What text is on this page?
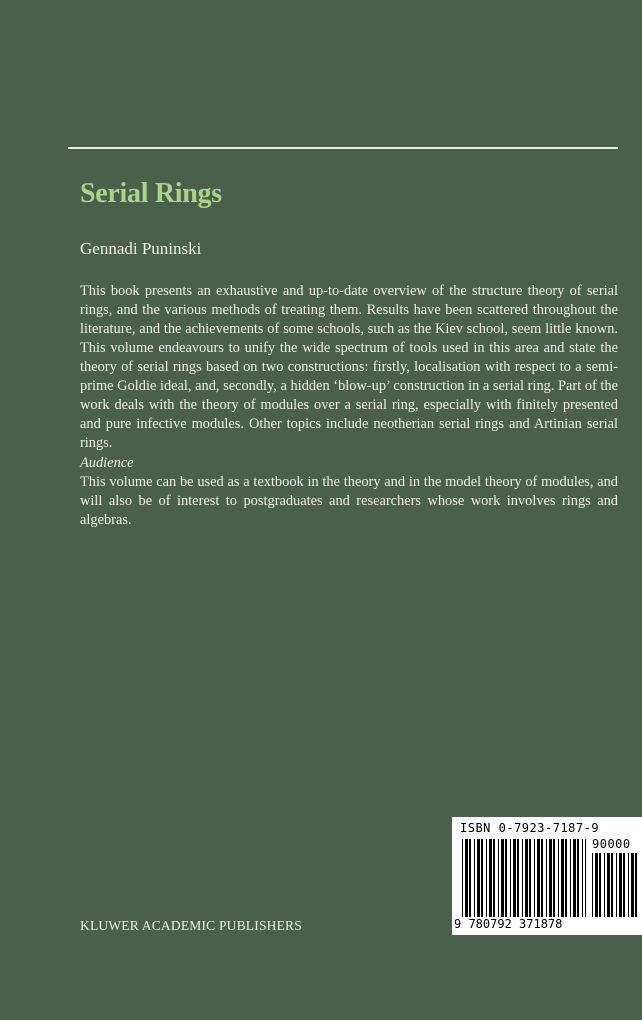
Serial Rings
Gennadi Puninski

This book presents an exhaustive and up-to-date overview of the structure theory of serial rings, and the various methods of treating them. Results have been scattered throughout the literature, and the achievements of some schools, such as the Kiev school, seem little known. This volume endeavours to unify the wide spectrum of tools used in this area and state the theory of serial rings based on two constructions: firstly, localisation with respect to a semi-prime Goldie ideal, and, secondly, a hidden ‘blow-up’ construction in a serial ring. Part of the work deals with the theory of modules over a serial ring, especially with finitely presented and pure infective modules. Other topics include neotherian serial rings and Artinian serial rings.

Audience

This volume can be used as a textbook in the theory and in the model theory of modules, and will also be of interest to postgraduates and researchers whose work involves rings and algebras.

KLUWER ACADEMIC PUBLISHERS
ISBN 0-7923-7187-9
90000
9 780792 371878
